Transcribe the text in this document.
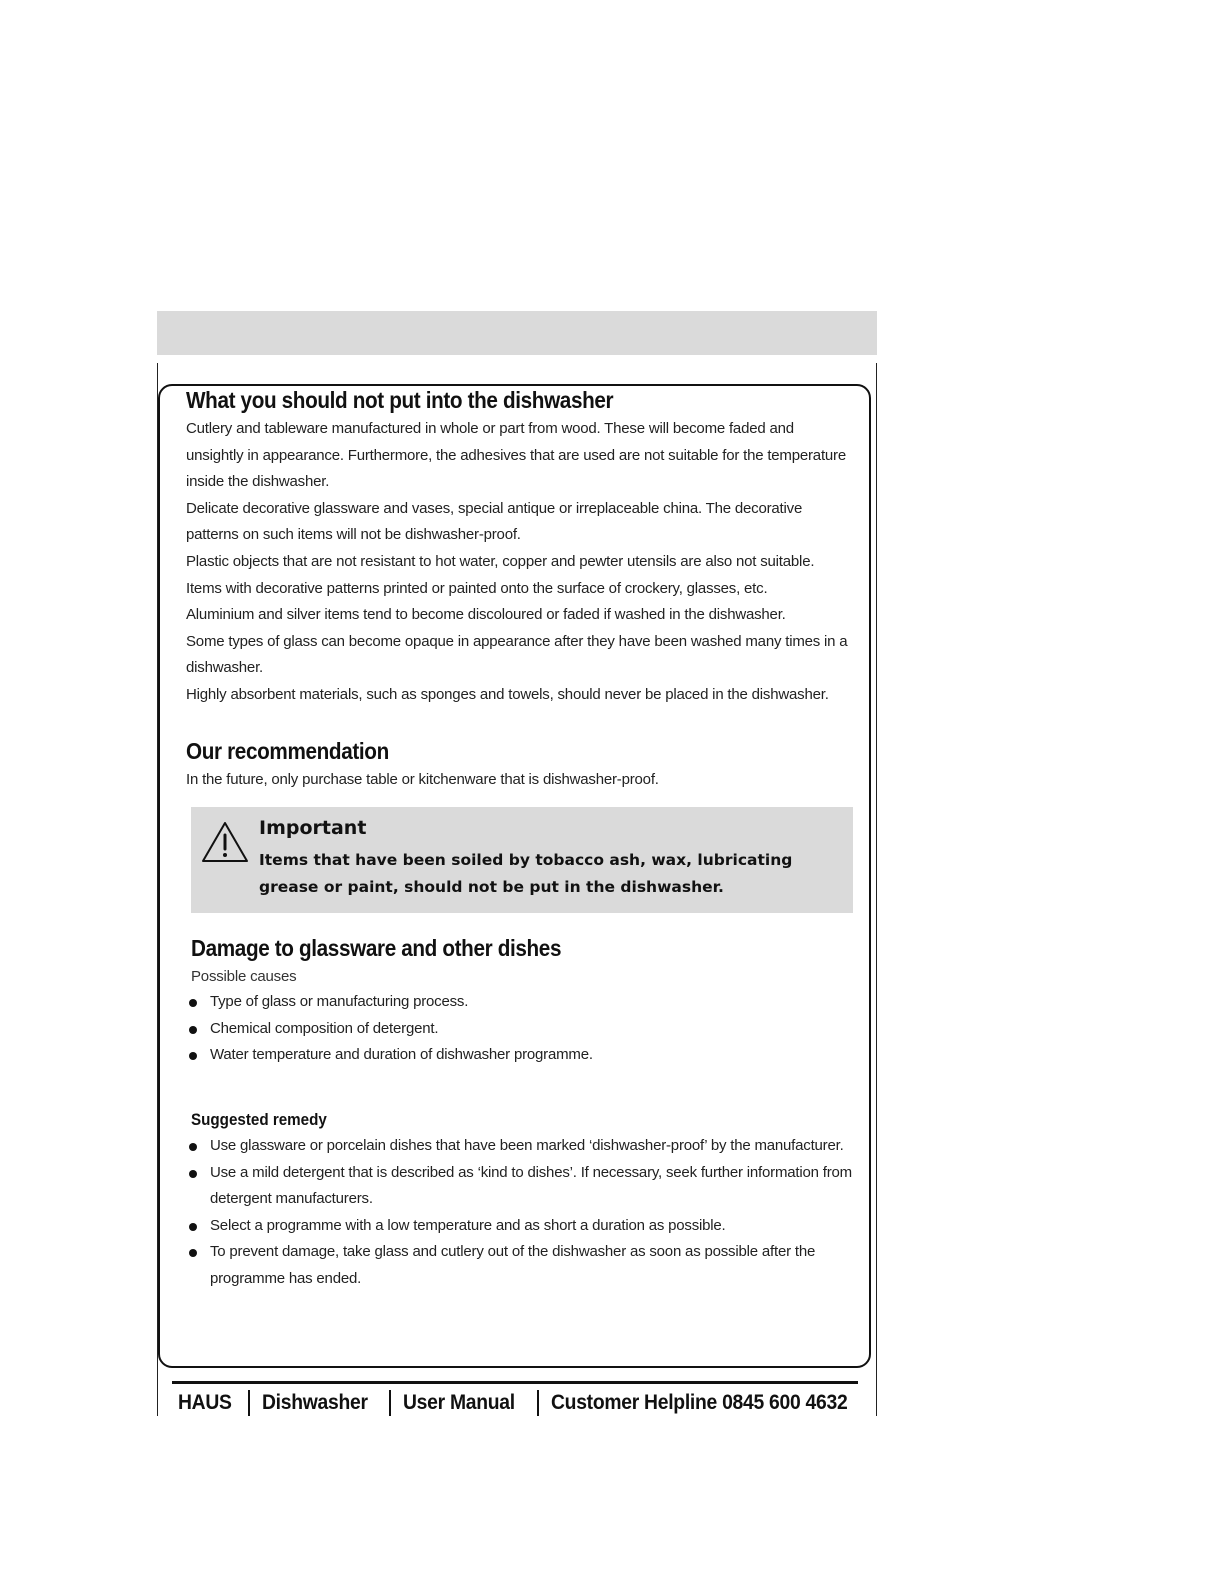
What you should not put into the dishwasher

Cutlery and tableware manufactured in whole or part from wood. These will become faded and unsightly in appearance. Furthermore, the adhesives that are used are not suitable for the temperature inside the dishwasher.

Delicate decorative glassware and vases, special antique or irreplaceable china. The decorative patterns on such items will not be dishwasher-proof.

Plastic objects that are not resistant to hot water, copper and pewter utensils are also not suitable.

Items with decorative patterns printed or painted onto the surface of crockery, glasses, etc.

Aluminium and silver items tend to become discoloured or faded if washed in the dishwasher.

Some types of glass can become opaque in appearance after they have been washed many times in a dishwasher.

Highly absorbent materials, such as sponges and towels, should never be placed in the dishwasher.

Our recommendation

In the future, only purchase table or kitchenware that is dishwasher-proof.

Important
Items that have been soiled by tobacco ash, wax, lubricating grease or paint, should not be put in the dishwasher.
Damage to glassware and other dishes
Possible causes
Type of glass or manufacturing process.
Chemical composition of detergent.
Water temperature and duration of dishwasher programme.
Suggested remedy
Use glassware or porcelain dishes that have been marked ‘dishwasher-proof’ by the manufacturer.
Use a mild detergent that is described as ‘kind to dishes’. If necessary, seek further information from detergent manufacturers.
Select a programme with a low temperature and as short a duration as possible.
To prevent damage, take glass and cutlery out of the dishwasher as soon as possible after the programme has ended.
HAUS Dishwasher User Manual Customer Helpline 0845 600 4632
